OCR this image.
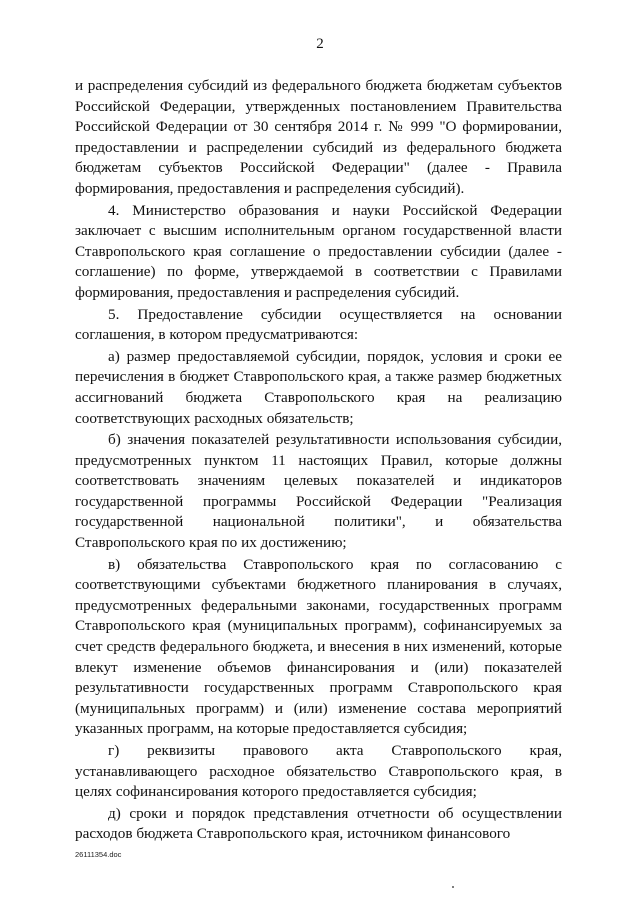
2

и распределения субсидий из федерального бюджета бюджетам субъектов Российской Федерации, утвержденных постановлением Правительства Российской Федерации от 30 сентября 2014 г. № 999 "О формировании, предоставлении и распределении субсидий из федерального бюджета бюджетам субъектов Российской Федерации" (далее - Правила формирования, предоставления и распределения субсидий).

4. Министерство образования и науки Российской Федерации заключает с высшим исполнительным органом государственной власти Ставропольского края соглашение о предоставлении субсидии (далее - соглашение) по форме, утверждаемой в соответствии с Правилами формирования, предоставления и распределения субсидий.

5. Предоставление субсидии осуществляется на основании соглашения, в котором предусматриваются:

а) размер предоставляемой субсидии, порядок, условия и сроки ее перечисления в бюджет Ставропольского края, а также размер бюджетных ассигнований бюджета Ставропольского края на реализацию соответствующих расходных обязательств;

б) значения показателей результативности использования субсидии, предусмотренных пунктом 11 настоящих Правил, которые должны соответствовать значениям целевых показателей и индикаторов государственной программы Российской Федерации "Реализация государственной национальной политики", и обязательства Ставропольского края по их достижению;

в) обязательства Ставропольского края по согласованию с соответствующими субъектами бюджетного планирования в случаях, предусмотренных федеральными законами, государственных программ Ставропольского края (муниципальных программ), софинансируемых за счет средств федерального бюджета, и внесения в них изменений, которые влекут изменение объемов финансирования и (или) показателей результативности государственных программ Ставропольского края (муниципальных программ) и (или) изменение состава мероприятий указанных программ, на которые предоставляется субсидия;

г) реквизиты правового акта Ставропольского края, устанавливающего расходное обязательство Ставропольского края, в целях софинансирования которого предоставляется субсидия;

д) сроки и порядок представления отчетности об осуществлении расходов бюджета Ставропольского края, источником финансового

26111354.doc
